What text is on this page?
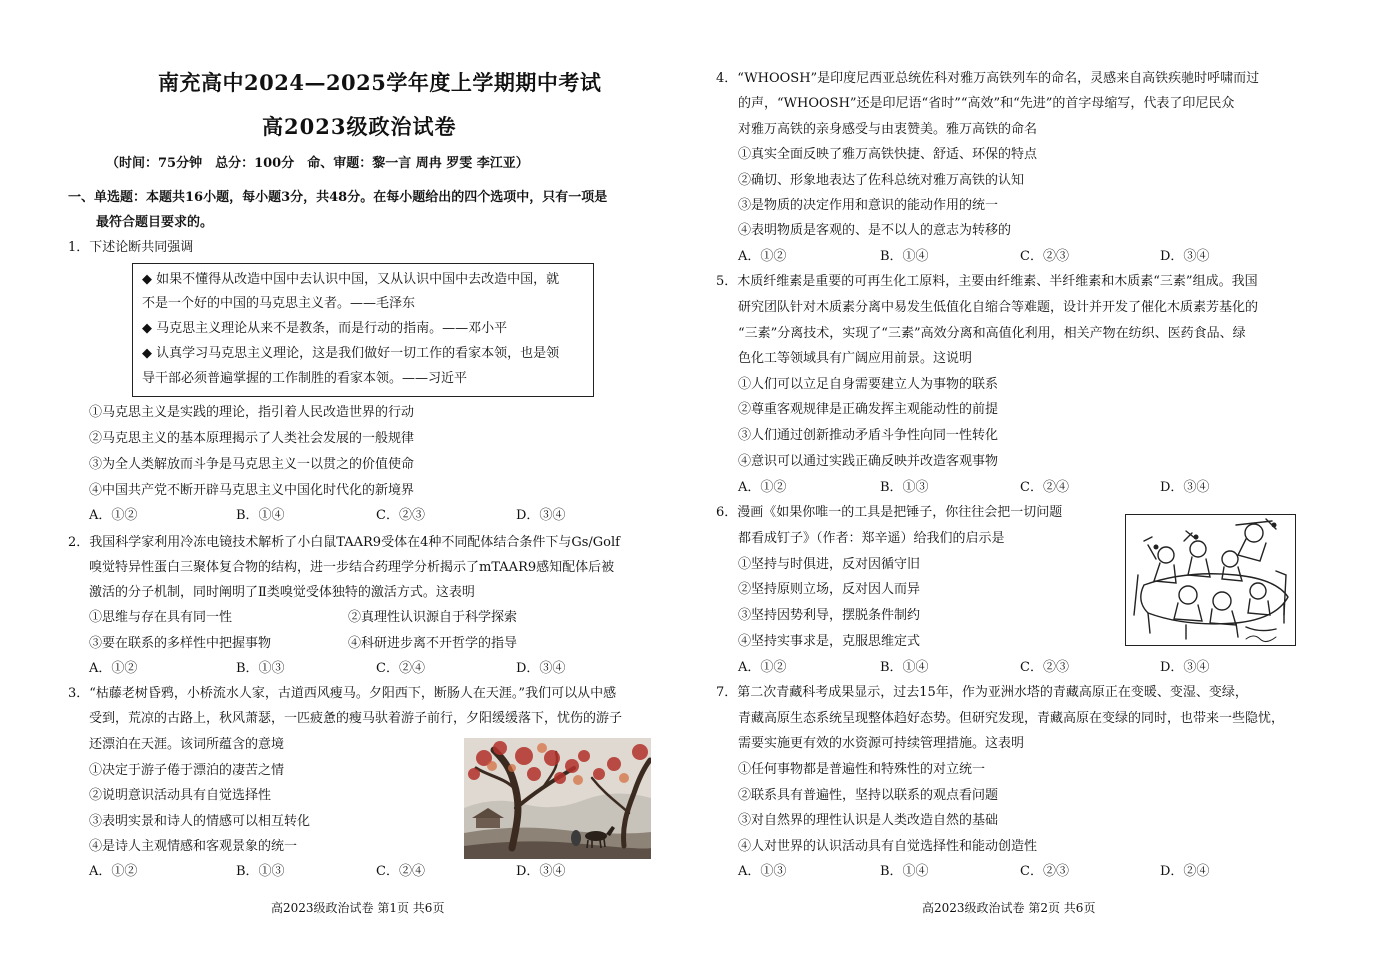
南充高中2024—2025学年度上学期期中考试
高2023级政治试卷
（时间：75分钟　总分：100分　命、审题：黎一言 周冉 罗雯 李江亚）
一、单选题：本题共16小题，每小题3分，共48分。在每小题给出的四个选项中，只有一项是
最符合题目要求的。
1．下述论断共同强调
◆ 如果不懂得从改造中国中去认识中国，又从认识中国中去改造中国，就
不是一个好的中国的马克思主义者。——毛泽东
◆ 马克思主义理论从来不是教条，而是行动的指南。——邓小平
◆ 认真学习马克思主义理论，这是我们做好一切工作的看家本领，也是领
导干部必须普遍掌握的工作制胜的看家本领。——习近平
①马克思主义是实践的理论，指引着人民改造世界的行动
②马克思主义的基本原理揭示了人类社会发展的一般规律
③为全人类解放而斗争是马克思主义一以贯之的价值使命
④中国共产党不断开辟马克思主义中国化时代化的新境界
A．①②	B．①④	C．②③	D．③④
2．我国科学家利用冷冻电镜技术解析了小白鼠TAAR9受体在4种不同配体结合条件下与Gs/Golf
嗅觉特异性蛋白三聚体复合物的结构，进一步结合药理学分析揭示了mTAAR9感知配体后被
激活的分子机制，同时阐明了Ⅱ类嗅觉受体独特的激活方式。这表明
①思维与存在具有同一性	②真理性认识源自于科学探索
③要在联系的多样性中把握事物	④科研进步离不开哲学的指导
A．①②	B．①③	C．②④	D．③④
3．“枯藤老树昏鸦，小桥流水人家，古道西风瘦马。夕阳西下，断肠人在天涯。”我们可以从中感
受到，荒凉的古路上，秋风萧瑟，一匹疲惫的瘦马驮着游子前行，夕阳缓缓落下，忧伤的游子
还漂泊在天涯。该词所蕴含的意境
①决定于游子倦于漂泊的凄苦之情
②说明意识活动具有自觉选择性
③表明实景和诗人的情感可以相互转化
④是诗人主观情感和客观景象的统一
A．①②	B．①③	C．②④	D．③④
高2023级政治试卷 第1页 共6页
4．“WHOOSH”是印度尼西亚总统佐科对雅万高铁列车的命名，灵感来自高铁疾驰时呼啸而过
的声，“WHOOSH”还是印尼语“省时”“高效”和“先进”的首字母缩写，代表了印尼民众
对雅万高铁的亲身感受与由衷赞美。雅万高铁的命名
①真实全面反映了雅万高铁快捷、舒适、环保的特点
②确切、形象地表达了佐科总统对雅万高铁的认知
③是物质的决定作用和意识的能动作用的统一
④表明物质是客观的、是不以人的意志为转移的
A．①②	B．①④	C．②③	D．③④
5．木质纤维素是重要的可再生化工原料，主要由纤维素、半纤维素和木质素“三素”组成。我国
研究团队针对木质素分离中易发生低值化自缩合等难题，设计并开发了催化木质素芳基化的
“三素”分离技术，实现了“三素”高效分离和高值化利用，相关产物在纺织、医药食品、绿
色化工等领域具有广阔应用前景。这说明
①人们可以立足自身需要建立人为事物的联系
②尊重客观规律是正确发挥主观能动性的前提
③人们通过创新推动矛盾斗争性向同一性转化
④意识可以通过实践正确反映并改造客观事物
A．①②	B．①③	C．②④	D．③④
6．漫画《如果你唯一的工具是把锤子，你往往会把一切问题
都看成钉子》（作者：郑辛遥）给我们的启示是
①坚持与时俱进，反对因循守旧
②坚持原则立场，反对因人而异
③坚持因势利导，摆脱条件制约
④坚持实事求是，克服思维定式
A．①②	B．①④	C．②③	D．③④
7．第二次青藏科考成果显示，过去15年，作为亚洲水塔的青藏高原正在变暖、变湿、变绿，
青藏高原生态系统呈现整体趋好态势。但研究发现，青藏高原在变绿的同时，也带来一些隐忧，
需要实施更有效的水资源可持续管理措施。这表明
①任何事物都是普遍性和特殊性的对立统一
②联系具有普遍性，坚持以联系的观点看问题
③对自然界的理性认识是人类改造自然的基础
④人对世界的认识活动具有自觉选择性和能动创造性
A．①③	B．①④	C．②③	D．②④
高2023级政治试卷 第2页 共6页
